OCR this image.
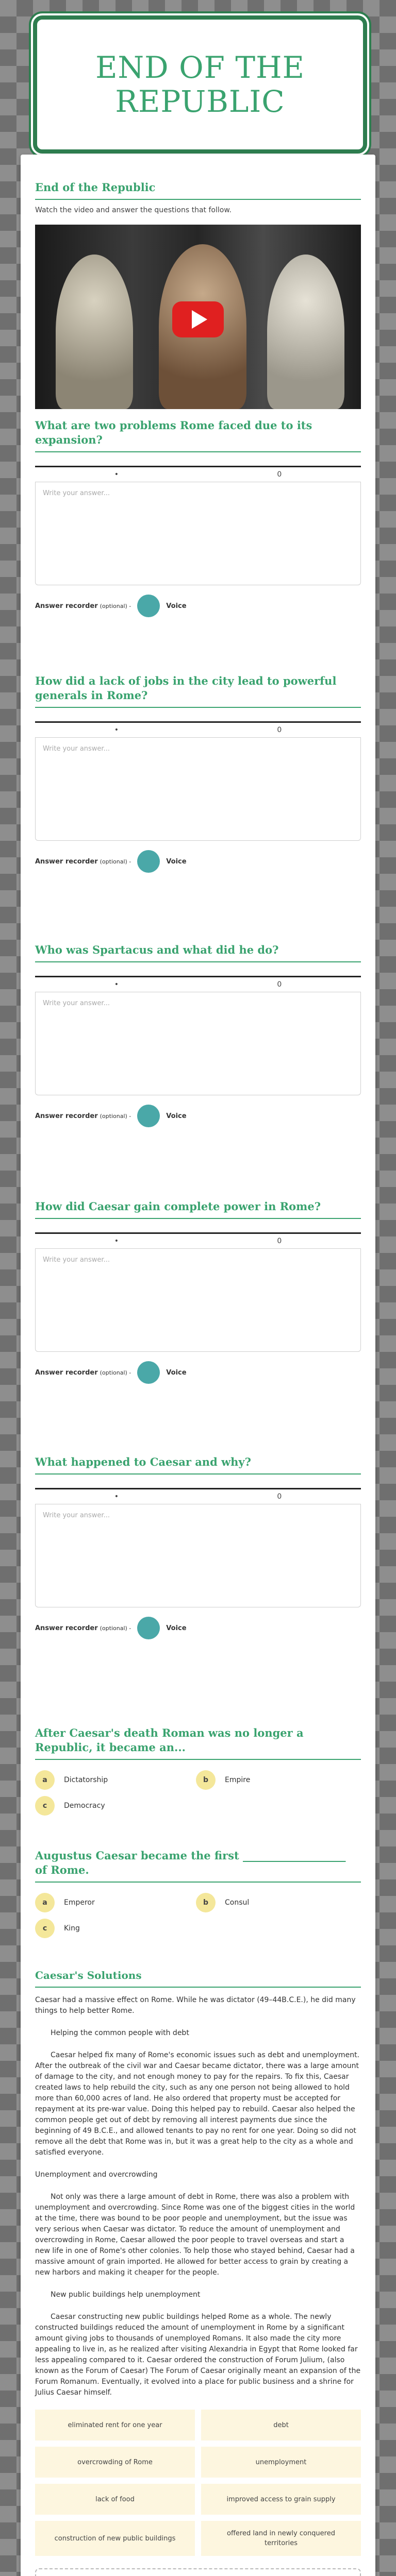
END OF THE REPUBLIC
End of the Republic
Watch the video and answer the questions that follow.
What are two problems Rome faced due to its expansion?
•	0
Write your answer...
Answer recorder (optional) -	Voice
How did a lack of jobs in the city lead to powerful generals in Rome?
•	0
Write your answer...
Answer recorder (optional) -	Voice
Who was Spartacus and what did he do?
•	0
Write your answer...
Answer recorder (optional) -	Voice
How did Caesar gain complete power in Rome?
•	0
Write your answer...
Answer recorder (optional) -	Voice
What happened to Caesar and why?
•	0
Write your answer...
Answer recorder (optional) -	Voice
After Caesar's death Roman was no longer a Republic, it became an...
a	Dictatorship	b	Empire
c	Democracy
Augustus Caesar became the first ___________________ of Rome.
a	Emperor	b	Consul
c	King
Caesar's Solutions

Caesar had a massive effect on Rome. While he was dictator (49–44B.C.E.), he did many things to help better Rome.

Helping the common people with debt

Caesar helped fix many of Rome's economic issues such as debt and unemployment. After the outbreak of the civil war and Caesar became dictator, there was a large amount of damage to the city, and not enough money to pay for the repairs. To fix this, Caesar created laws to help rebuild the city, such as any one person not being allowed to hold more than 60,000 acres of land. He also ordered that property must be accepted for repayment at its pre-war value. Doing this helped pay to rebuild. Caesar also helped the common people get out of debt by removing all interest payments due since the beginning of 49 B.C.E., and allowed tenants to pay no rent for one year. Doing so did not remove all the debt that Rome was in, but it was a great help to the city as a whole and satisfied everyone.

Unemployment and overcrowding

Not only was there a large amount of debt in Rome, there was also a problem with unemployment and overcrowding. Since Rome was one of the biggest cities in the world at the time, there was bound to be poor people and unemployment, but the issue was very serious when Caesar was dictator. To reduce the amount of unemployment and overcrowding in Rome, Caesar allowed the poor people to travel overseas and start a new life in one of Rome's other colonies. To help those who stayed behind, Caesar had a massive amount of grain imported. He allowed for better access to grain by creating a new harbors and making it cheaper for the people.

New public buildings help unemployment

Caesar constructing new public buildings helped Rome as a whole. The newly constructed buildings reduced the amount of unemployment in Rome by a significant amount giving jobs to thousands of unemployed Romans. It also made the city more appealing to live in, as he realized after visiting Alexandria in Egypt that Rome looked far less appealing compared to it. Caesar ordered the construction of Forum Julium, (also known as the Forum of Caesar) The Forum of Caesar originally meant an expansion of the Forum Romanum. Eventually, it evolved into a place for public business and a shrine for Julius Caesar himself.

eliminated rent for one year	debt
overcrowding of Rome	unemployment
lack of food	improved access to grain supply
construction of new public buildings
offered land in newly conquered territories
